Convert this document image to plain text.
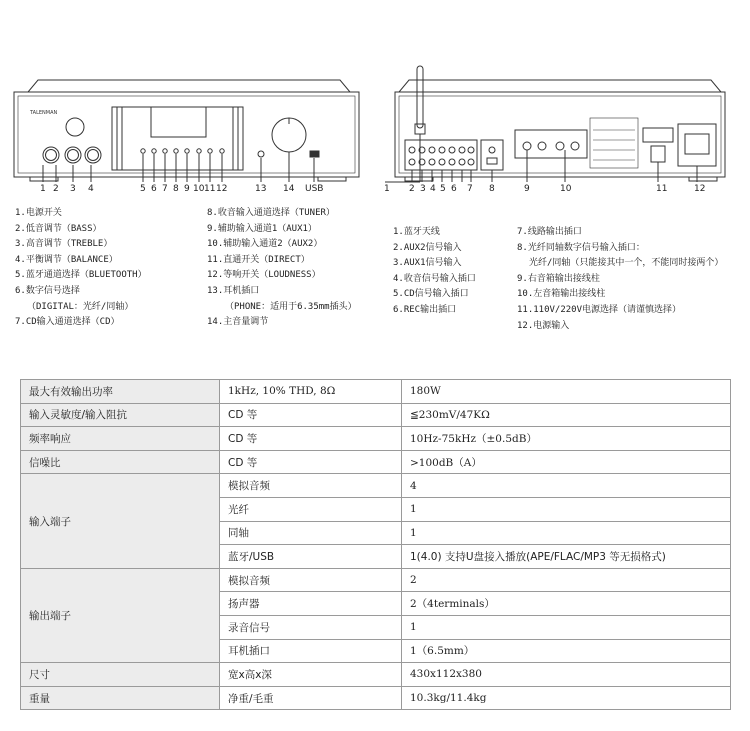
TALENMAN
1 2 3 4	5 6 7 8 9 10 11 12	13 14 USB	1 2 3 4 5 6 7 8	9	10	11	12
1.电源开关
2.低音调节（BASS）
3.高音调节（TREBLE）
4.平衡调节（BALANCE）
5.蓝牙通道选择（BLUETOOTH）
6.数字信号选择
（DIGITAL：光纤/同轴）
7.CD输入通道选择（CD）
8.收音输入通道选择（TUNER）
9.辅助输入通道1（AUX1）
10.辅助输入通道2（AUX2）
11.直通开关（DIRECT）
12.等响开关（LOUDNESS）
13.耳机插口
（PHONE：适用于6.35mm插头）
14.主音量调节
1.蓝牙天线
2.AUX2信号输入
3.AUX1信号输入
4.收音信号输入插口
5.CD信号输入插口
6.REC输出插口
7.线路输出插口
8.光纤同轴数字信号输入插口：
光纤/同轴（只能接其中一个，不能同时接两个）
9.右音箱输出接线柱
10.左音箱输出接线柱
11.110V/220V电源选择（请谨慎选择）
12.电源输入
最大有效输出功率	1kHz, 10% THD, 8Ω	180W
输入灵敏度/输入阻抗	CD 等	≦230mV/47KΩ
频率响应	CD 等	10Hz-75kHz（±0.5dB）
信噪比	CD 等	>100dB（A）
输入端子	模拟音频	4
	光纤	1
	同轴	1
	蓝牙/USB	1(4.0) 支持U盘接入播放(APE/FLAC/MP3 等无损格式)
输出端子	模拟音频	2
	扬声器	2（4terminals）
	录音信号	1
	耳机插口	1（6.5mm）
尺寸	宽x高x深	430x112x380
重量	净重/毛重	10.3kg/11.4kg
